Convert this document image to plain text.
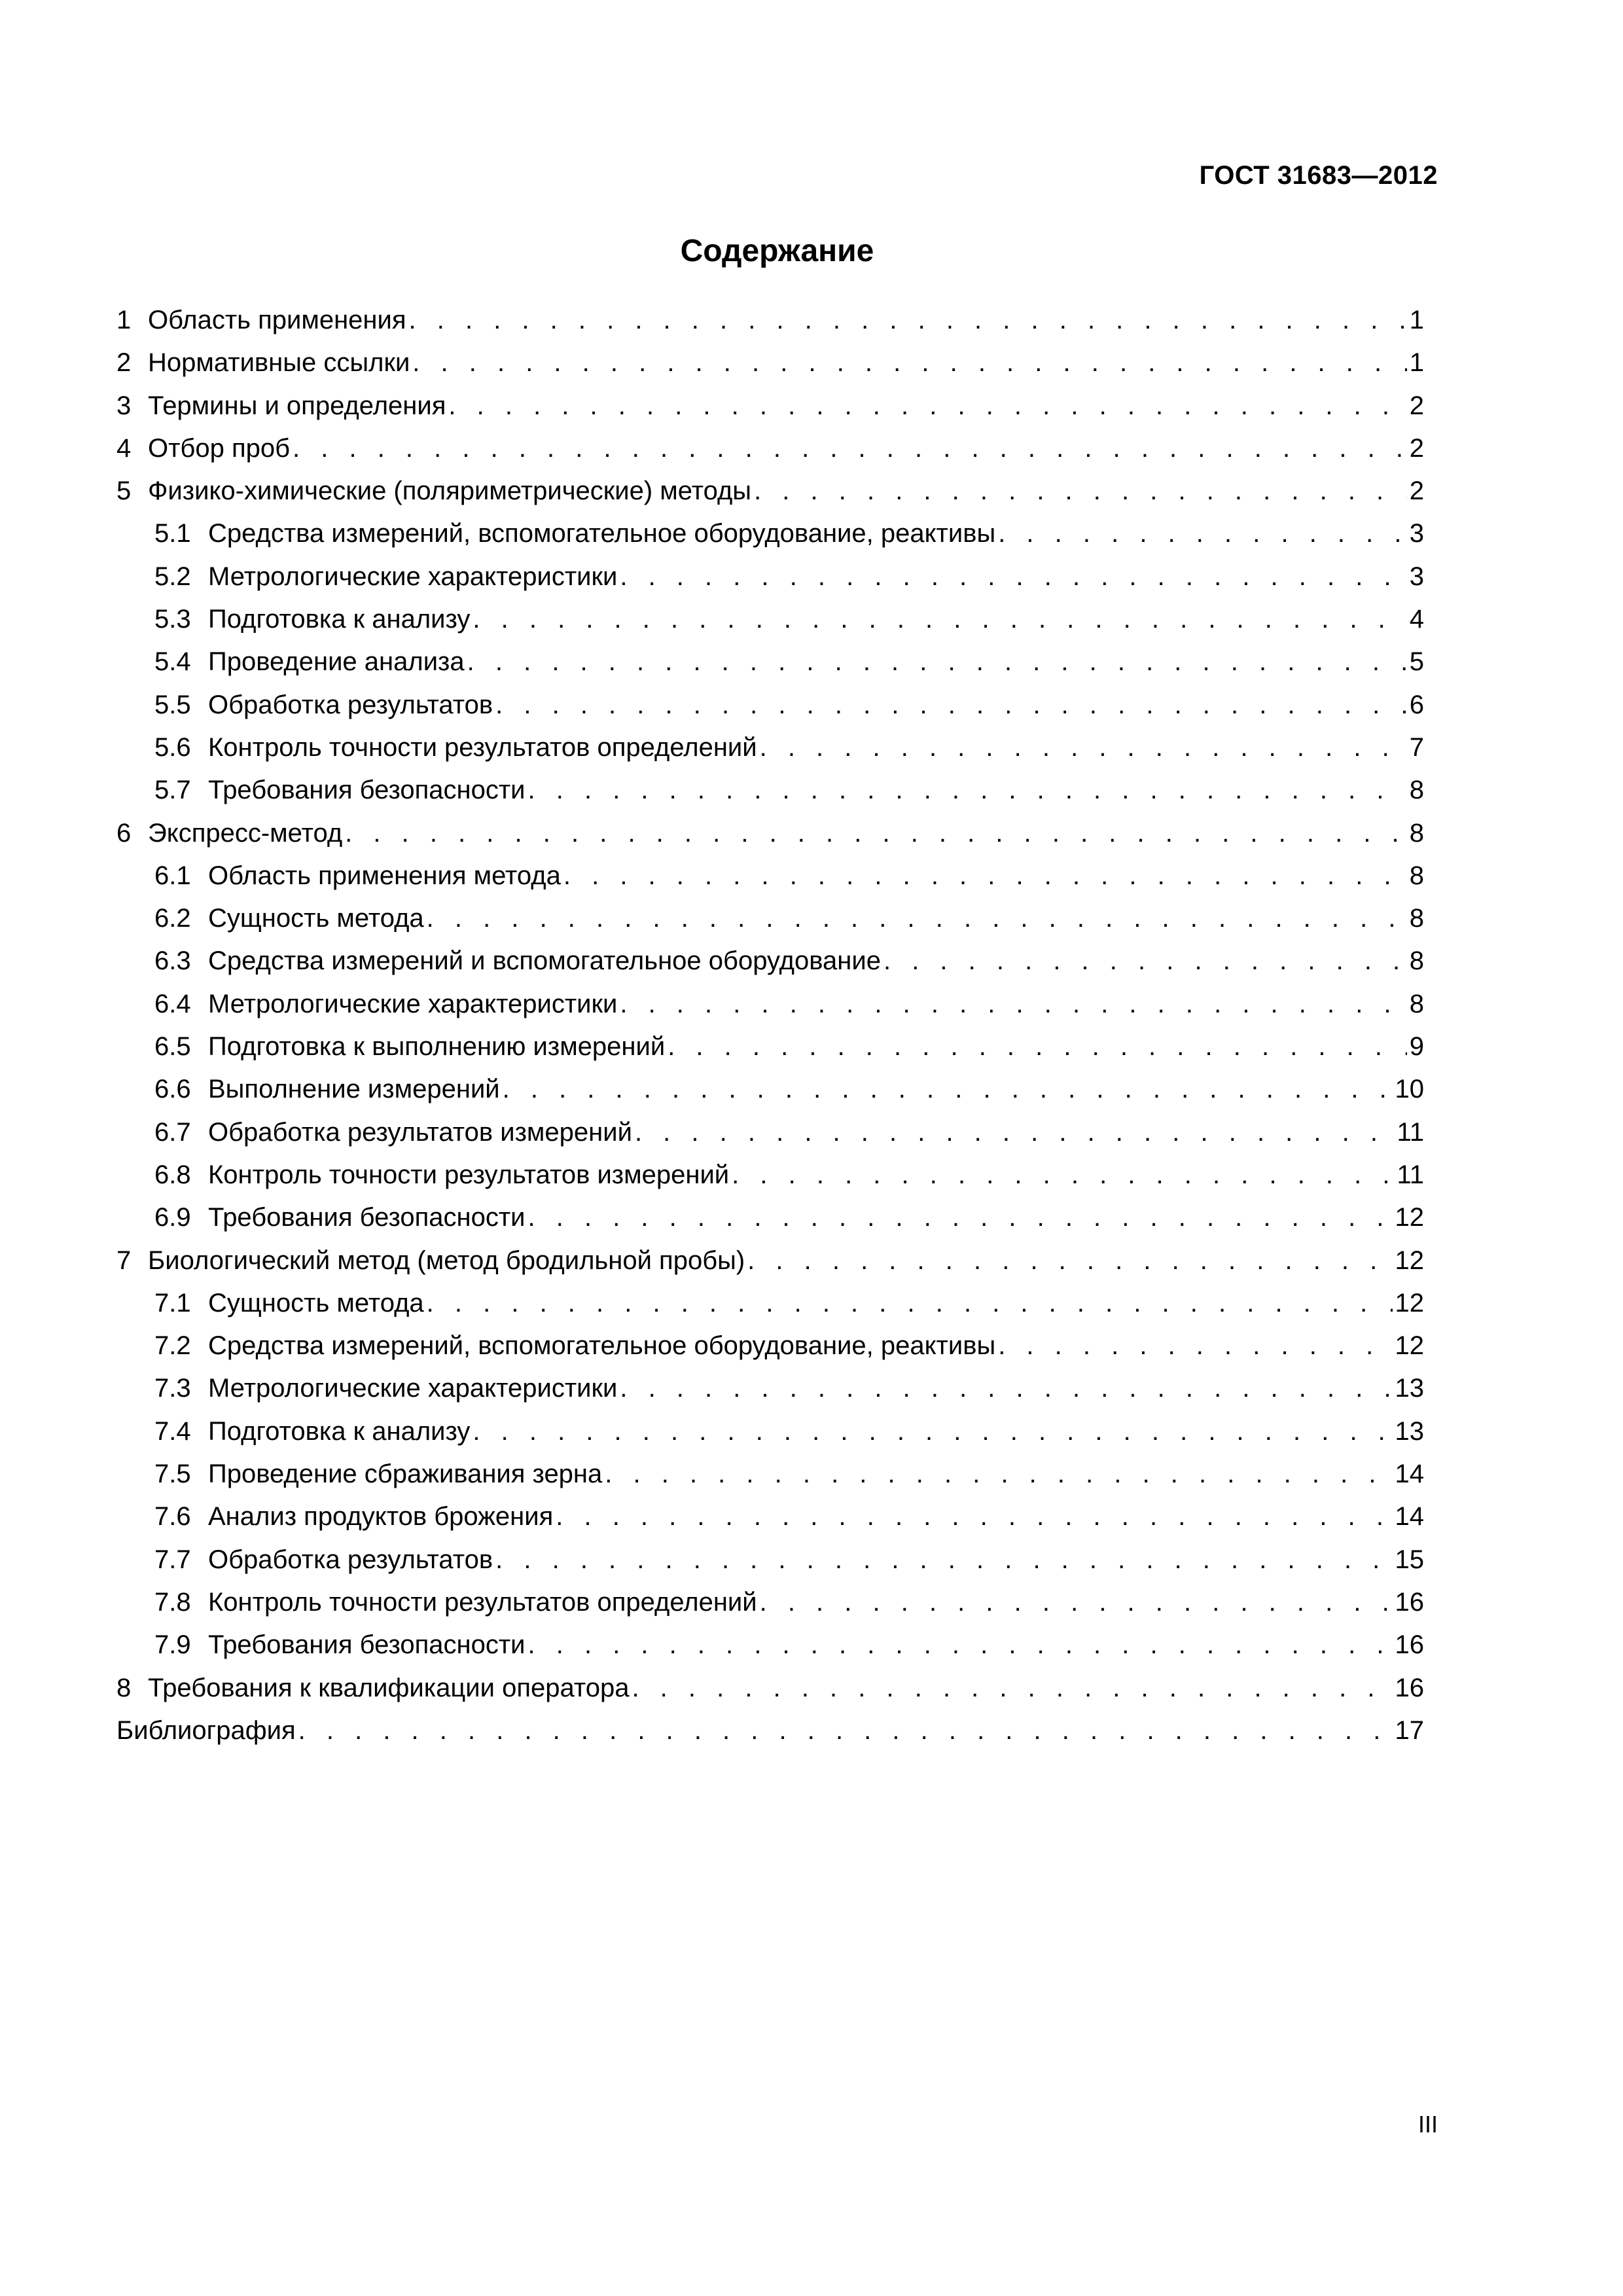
ГОСТ 31683—2012
Содержание
1 Область применения . . .	1
2 Нормативные ссылки . . .	1
3 Термины и определения . . .	2
4 Отбор проб . . .	2
5 Физико-химические (поляриметрические) методы . . .	2
5.1 Средства измерений, вспомогательное оборудование, реактивы . . .	3
5.2 Метрологические характеристики . . .	3
5.3 Подготовка к анализу . . .	4
5.4 Проведение анализа . . .	5
5.5 Обработка результатов . . .	6
5.6 Контроль точности результатов определений . . .	7
5.7 Требования безопасности . . .	8
6 Экспресс-метод . . .	8
6.1 Область применения метода . . .	8
6.2 Сущность метода . . .	8
6.3 Средства измерений и вспомогательное оборудование . . .	8
6.4 Метрологические характеристики . . .	8
6.5 Подготовка к выполнению измерений . . .	9
6.6 Выполнение измерений . . .	10
6.7 Обработка результатов измерений . . .	11
6.8 Контроль точности результатов измерений . . .	11
6.9 Требования безопасности . . .	12
7 Биологический метод (метод бродильной пробы) . . .	12
7.1 Сущность метода . . .	12
7.2 Средства измерений, вспомогательное оборудование, реактивы . . .	12
7.3 Метрологические характеристики . . .	13
7.4 Подготовка к анализу . . .	13
7.5 Проведение сбраживания зерна . . .	14
7.6 Анализ продуктов брожения . . .	14
7.7 Обработка результатов . . .	15
7.8 Контроль точности результатов определений . . .	16
7.9 Требования безопасности . . .	16
8 Требования к квалификации оператора . . .	16
Библиография . . .	17
III
